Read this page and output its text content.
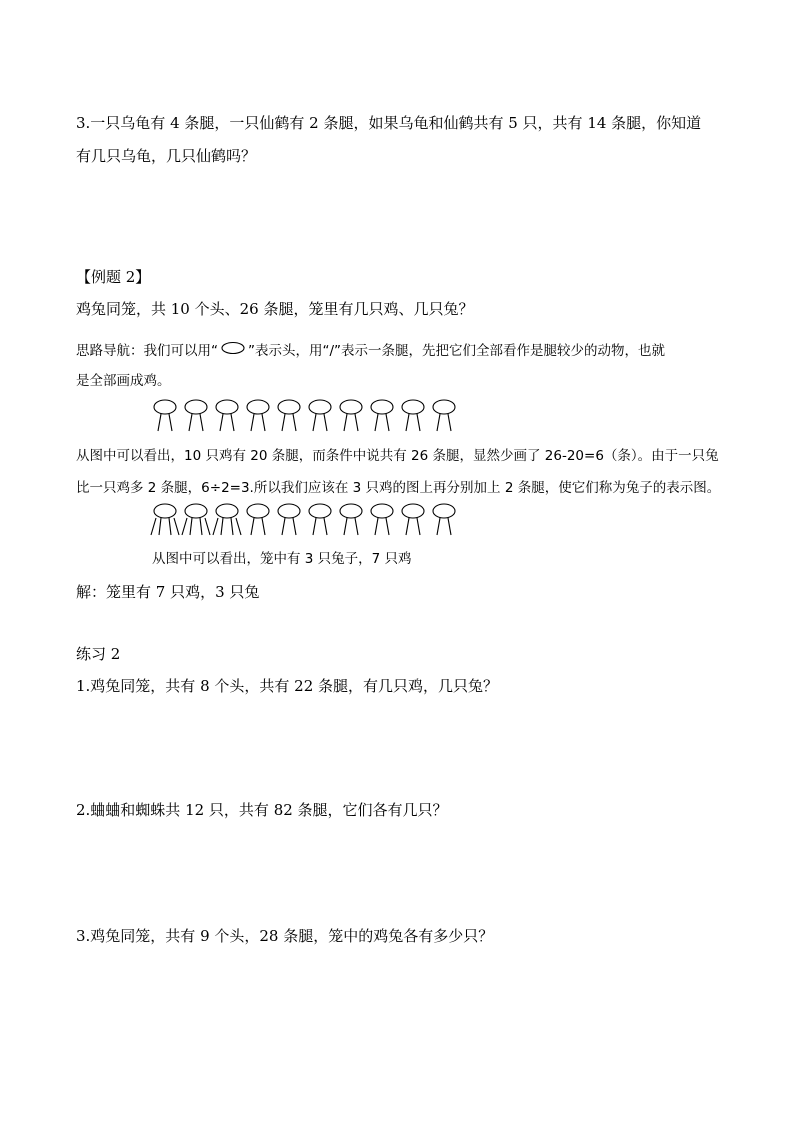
3.一只乌龟有 4 条腿，一只仙鹤有 2 条腿，如果乌龟和仙鹤共有 5 只，共有 14 条腿，你知道
有几只乌龟，几只仙鹤吗？
【例题 2】
鸡兔同笼，共 10 个头、26 条腿，笼里有几只鸡、几只兔？
思路导航：我们可以用“ ”表示头，用“/”表示一条腿，先把它们全部看作是腿较少的动物，也就
是全部画成鸡。
从图中可以看出，10 只鸡有 20 条腿，而条件中说共有 26 条腿，显然少画了 26-20=6（条）。由于一只兔
比一只鸡多 2 条腿，6÷2=3.所以我们应该在 3 只鸡的图上再分别加上 2 条腿，使它们称为兔子的表示图。
从图中可以看出，笼中有 3 只兔子，7 只鸡
解：笼里有 7 只鸡，3 只兔
练习 2
1.鸡兔同笼，共有 8 个头，共有 22 条腿，有几只鸡，几只兔？
2.蛐蛐和蜘蛛共 12 只，共有 82 条腿，它们各有几只？
3.鸡兔同笼，共有 9 个头，28 条腿，笼中的鸡兔各有多少只？
